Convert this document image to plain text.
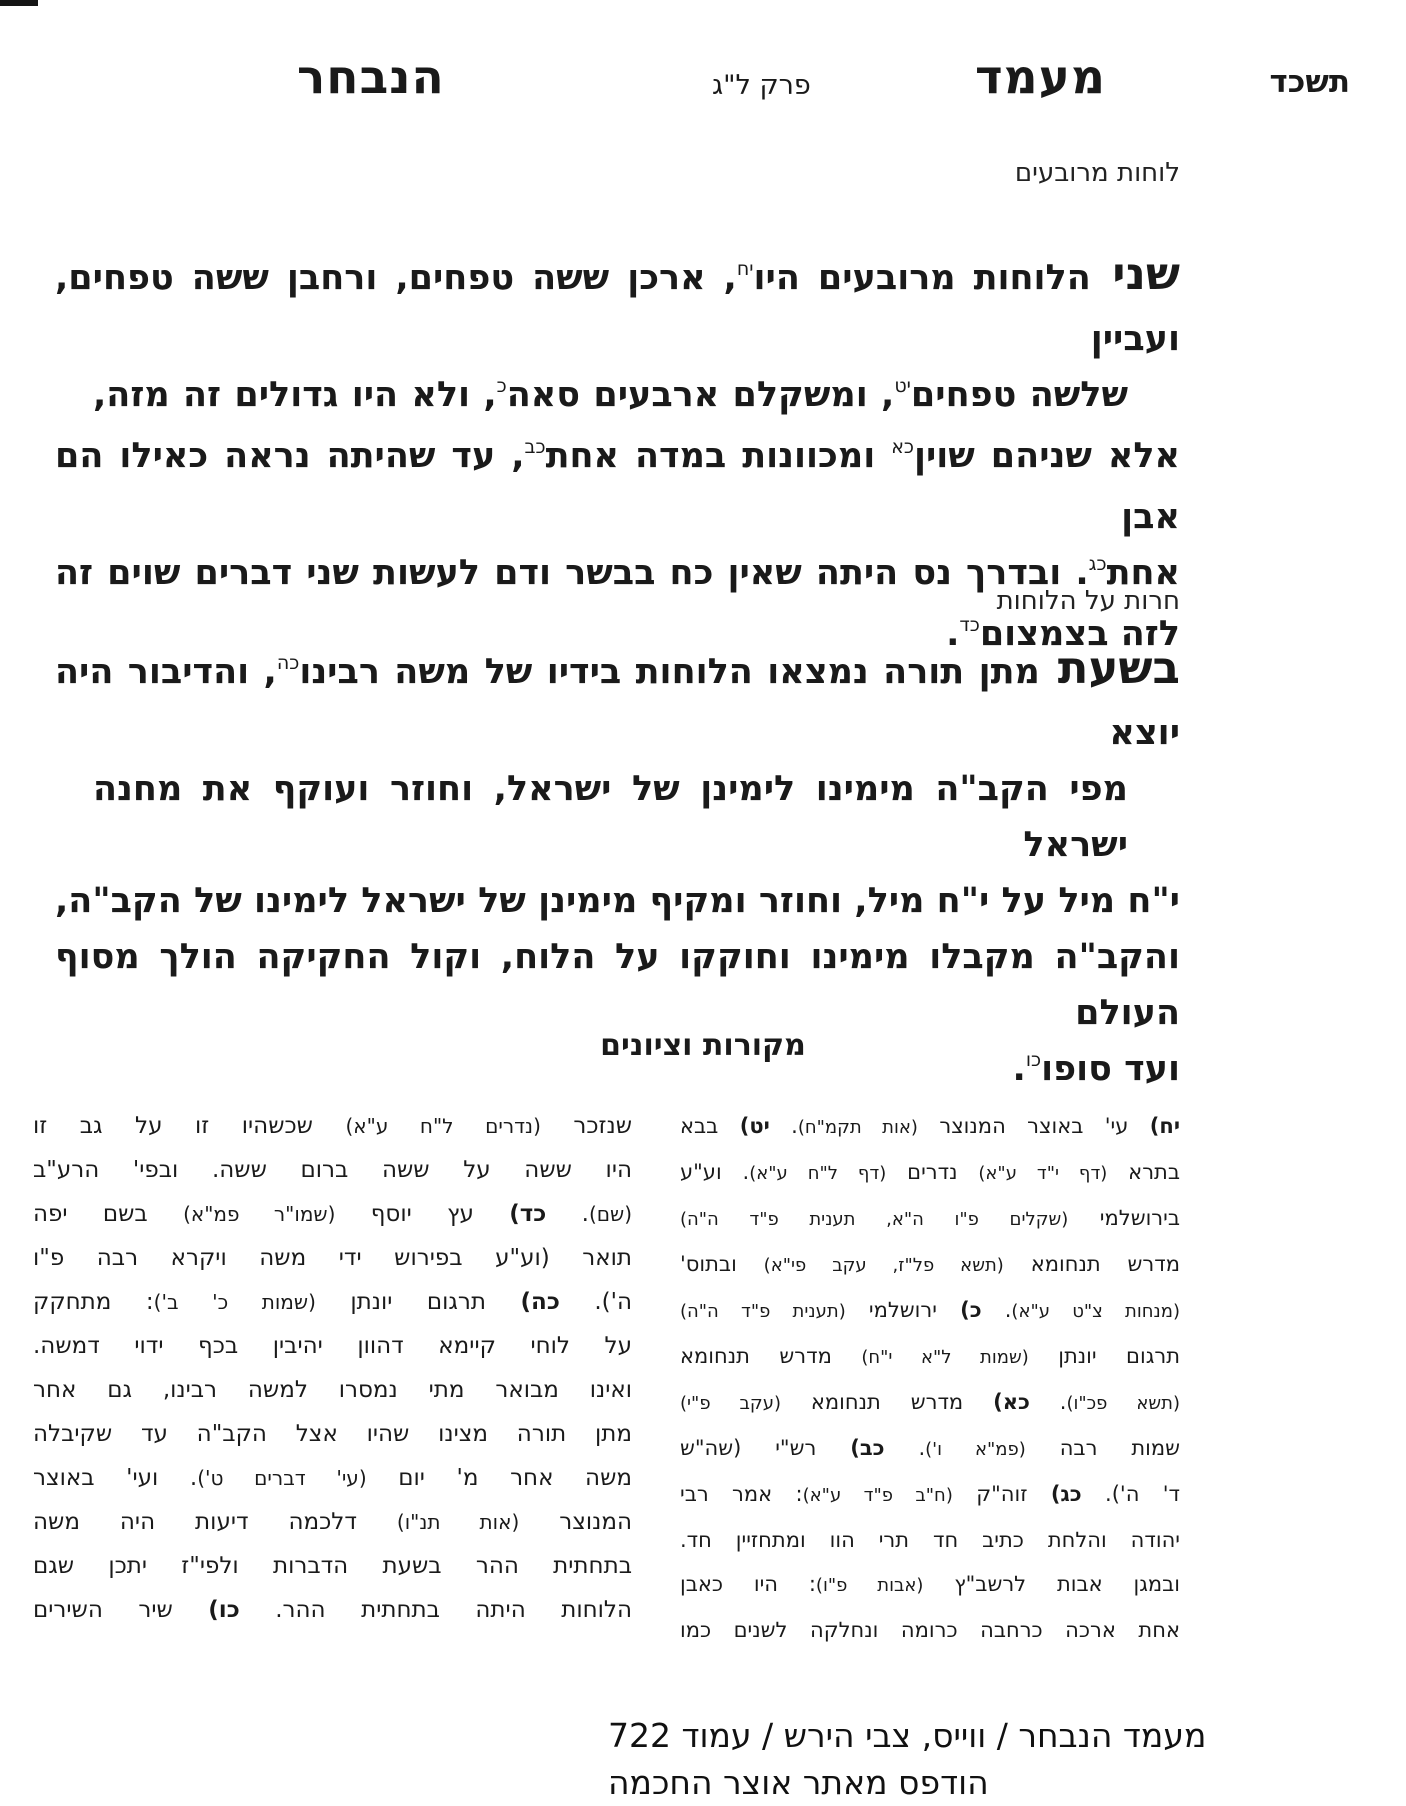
תשכד
מעמד
פרק ל"ג
הנבחר
לוחות מרובעים
שני הלוחות מרובעים היו$^{יח}$, ארכן ששה טפחים, ורחבן ששה טפחים, ועביין
שלשה טפחים$^{יט}$, ומשקלם ארבעים סאה$^כ$, ולא היו גדולים זה מזה,
אלא שניהם שוין$^{כא}$ ומכוונות במדה אחת$^{כב}$, עד שהיתה נראה כאילו הם אבן
אחת$^{כג}$. ובדרך נס היתה שאין כח בבשר ודם לעשות שני דברים שוים זה
לזה בצמצום$^{כד}$.
חרות על הלוחות
בשעת מתן תורה נמצאו הלוחות בידיו של משה רבינו$^{כה}$, והדיבור היה יוצא
מפי הקב"ה מימינו לימינן של ישראל, וחוזר ועוקף את מחנה ישראל
י"ח מיל על י"ח מיל, וחוזר ומקיף מימינן של ישראל לימינו של הקב"ה,
והקב"ה מקבלו מימינו וחוקקו על הלוח, וקול החקיקה הולך מסוף העולם
ועד סופו$^{כו}$.
מקורות וציונים
יח) עי' באוצר המנוצר (אות תקמ"ח). יט) בבא
בתרא (דף י"ד ע"א) נדרים (דף ל"ח ע"א). וע"ע
בירושלמי (שקלים פ"ו ה"א, תענית פ"ד ה"ה)
מדרש תנחומא (תשא פל"ז, עקב פי"א) ובתוס'
(מנחות צ"ט ע"א). כ) ירושלמי (תענית פ"ד ה"ה)
תרגום יונתן (שמות ל"א י"ח) מדרש תנחומא
(תשא פכ"ו). כא) מדרש תנחומא (עקב פ"י)
שמות רבה (פמ"א ו'). כב) רש"י (שה"ש
ד' ה'). כג) זוה"ק (ח"ב פ"ד ע"א): אמר רבי
יהודה והלחת כתיב חד תרי הוו ומתחזיין חד.
ובמגן אבות לרשב"ץ (אבות פ"ו): היו כאבן
אחת ארכה כרחבה כרומה ונחלקה לשנים כמו
שנזכר (נדרים ל"ח ע"א) שכשהיו זו על גב זו
היו ששה על ששה ברום ששה. ובפי' הרע"ב
(שם). כד) עץ יוסף (שמו"ר פמ"א) בשם יפה
תואר (וע"ע בפירוש ידי משה ויקרא רבה פ"ו
ה'). כה) תרגום יונתן (שמות כ' ב'): מתחקק
על לוחי קיימא דהוון יהיבין בכף ידוי דמשה.
ואינו מבואר מתי נמסרו למשה רבינו, גם אחר
מתן תורה מצינו שהיו אצל הקב"ה עד שקיבלה
משה אחר מ' יום (עי' דברים ט'). ועי' באוצר
המנוצר (אות תנ"ו) דלכמה דיעות היה משה
בתחתית ההר בשעת הדברות ולפי"ז יתכן שגם
הלוחות היתה בתחתית ההר. כו) שיר השירים
מעמד הנבחר / ווייס, צבי הירש / עמוד 722
הודפס מאתר אוצר החכמה
